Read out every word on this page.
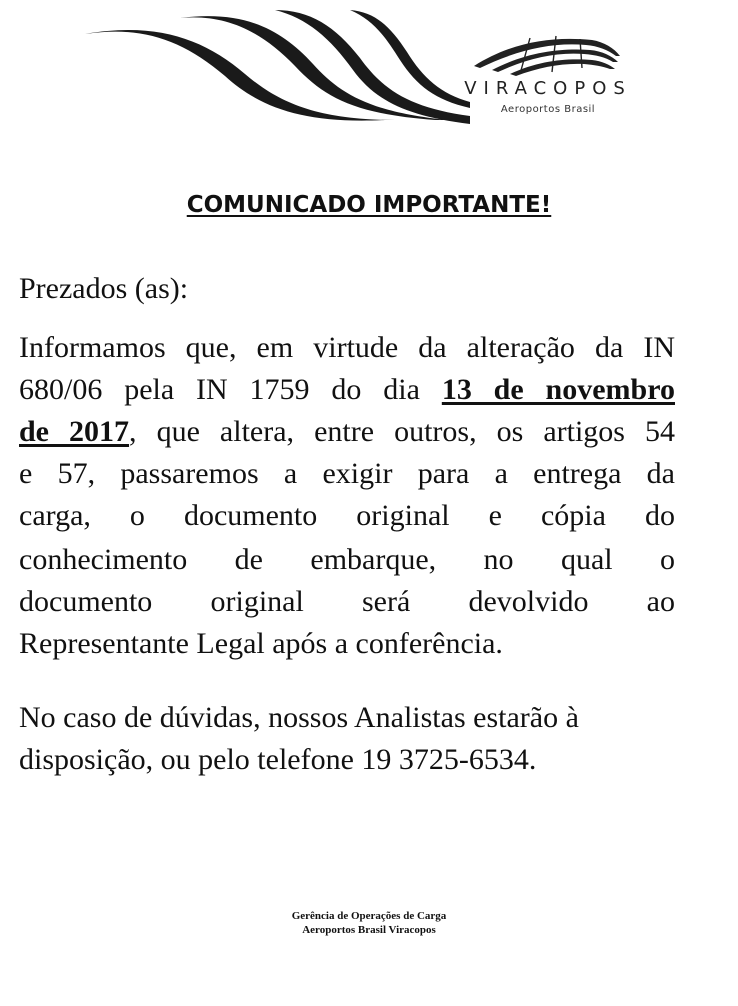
VIRACOPOS
Aeroportos Brasil
COMUNICADO IMPORTANTE!
Prezados (as):
Informamos que, em virtude da alteração da IN
680/06 pela IN 1759 do dia 13 de novembro
de 2017, que altera, entre outros, os artigos 54
e 57, passaremos a exigir para a entrega da
carga, o documento original e cópia do
conhecimento de embarque, no qual o
documento original será devolvido ao
Representante Legal após a conferência.
No caso de dúvidas, nossos Analistas estarão à
disposição, ou pelo telefone 19 3725-6534.
Gerência de Operações de Carga
Aeroportos Brasil Viracopos
